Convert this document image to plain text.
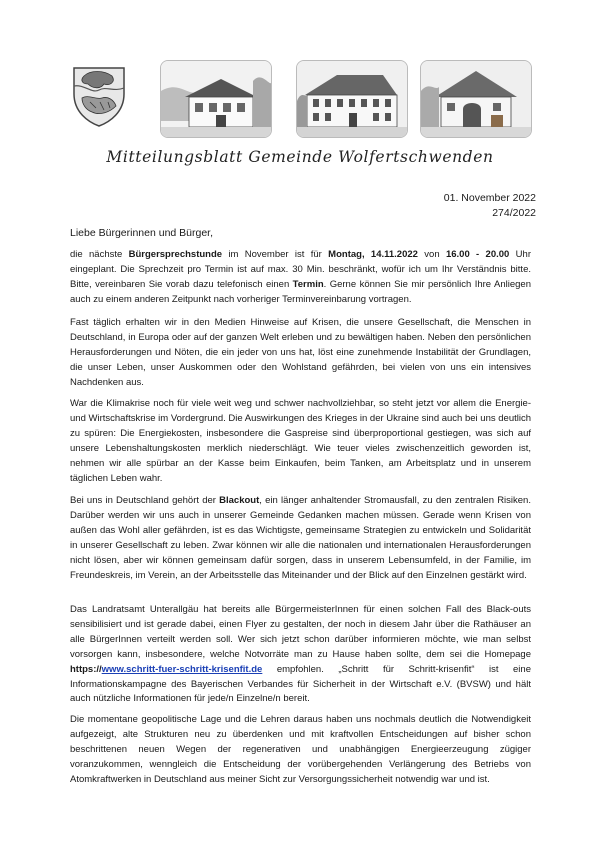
Mitteilungsblatt Gemeinde Wolfertschwenden
01. November 2022
274/2022
Liebe Bürgerinnen und Bürger,

die nächste Bürgersprechstunde im November ist für Montag, 14.11.2022 von 16.00 - 20.00 Uhr eingeplant. Die Sprechzeit pro Termin ist auf max. 30 Min. beschränkt, wofür ich um Ihr Verständnis bitte. Bitte, vereinbaren Sie vorab dazu telefonisch einen Termin. Gerne können Sie mir persönlich Ihre Anliegen auch zu einem anderen Zeitpunkt nach vorheriger Terminvereinbarung vortragen.

Fast täglich erhalten wir in den Medien Hinweise auf Krisen, die unsere Gesellschaft, die Menschen in Deutschland, in Europa oder auf der ganzen Welt erleben und zu bewältigen haben. Neben den persönlichen Herausforderungen und Nöten, die ein jeder von uns hat, löst eine zunehmende Instabilität der Grundlagen, die unser Leben, unser Auskommen oder den Wohlstand gefährden, bei vielen von uns ein intensives Nachdenken aus.

War die Klimakrise noch für viele weit weg und schwer nachvollziehbar, so steht jetzt vor allem die Energie- und Wirtschaftskrise im Vordergrund. Die Auswirkungen des Krieges in der Ukraine sind auch bei uns deutlich zu spüren: Die Energiekosten, insbesondere die Gaspreise sind überproportional gestiegen, was sich auf unsere Lebenshaltungskosten merklich niederschlägt. Wie teuer vieles zwischenzeitlich geworden ist, nehmen wir alle spürbar an der Kasse beim Einkaufen, beim Tanken, am Arbeitsplatz und in unserem täglichen Leben wahr.

Bei uns in Deutschland gehört der Blackout, ein länger anhaltender Stromausfall, zu den zentralen Risiken. Darüber werden wir uns auch in unserer Gemeinde Gedanken machen müssen. Gerade wenn Krisen von außen das Wohl aller gefährden, ist es das Wichtigste, gemeinsame Strategien zu entwickeln und Solidarität in unserer Gesellschaft zu leben. Zwar können wir alle die nationalen und internationalen Herausforderungen nicht lösen, aber wir können gemeinsam dafür sorgen, dass in unserem Lebensumfeld, in der Familie, im Freundeskreis, im Verein, an der Arbeitsstelle das Miteinander und der Blick auf den Einzelnen gestärkt wird.

Das Landratsamt Unterallgäu hat bereits alle BürgermeisterInnen für einen solchen Fall des Black-outs sensibilisiert und ist gerade dabei, einen Flyer zu gestalten, der noch in diesem Jahr über die Rathäuser an alle BürgerInnen verteilt werden soll. Wer sich jetzt schon darüber informieren möchte, wie man selbst vorsorgen kann, insbesondere, welche Notvorräte man zu Hause haben sollte, dem sei die Homepage https://www.schritt-fuer-schritt-krisenfit.de empfohlen. „Schritt für Schritt-krisenfit“ ist eine Informationskampagne des Bayerischen Verbandes für Sicherheit in der Wirtschaft e.V. (BVSW) und hält auch nützliche Informationen für jede/n Einzelne/n bereit.

Die momentane geopolitische Lage und die Lehren daraus haben uns nochmals deutlich die Notwendigkeit aufgezeigt, alte Strukturen neu zu überdenken und mit kraftvollen Entscheidungen auf bisher schon beschrittenen neuen Wegen der regenerativen und unabhängigen Energieerzeugung zügiger voranzukommen, wenngleich die Entscheidung der vorübergehenden Verlängerung des Betriebs von Atomkraftwerken in Deutschland aus meiner Sicht zur Versorgungssicherheit notwendig war und ist.
